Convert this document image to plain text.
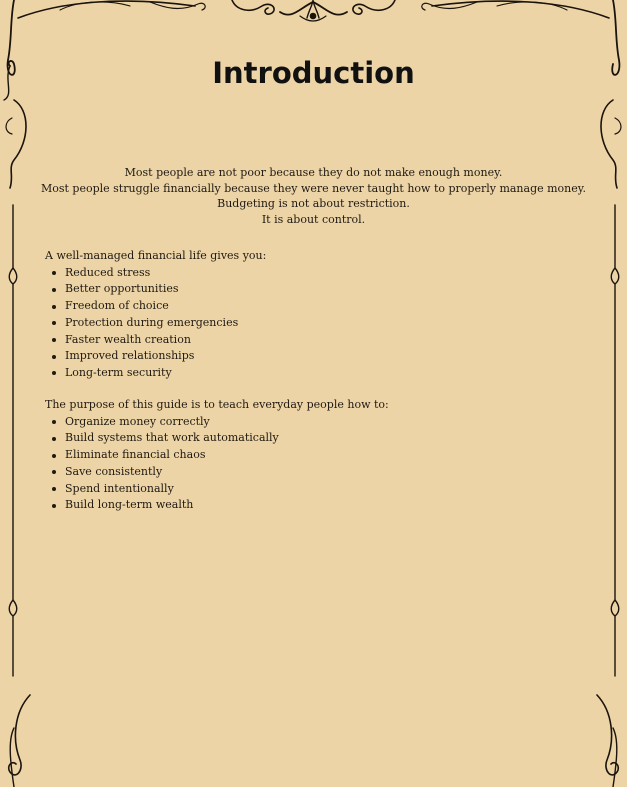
Introduction
Most people are not poor because they do not make enough money.
Most people struggle financially because they were never taught how to properly manage money.
Budgeting is not about restriction.
It is about control.

A well-managed financial life gives you:

Reduced stress
Better opportunities
Freedom of choice
Protection during emergencies
Faster wealth creation
Improved relationships
Long-term security

The purpose of this guide is to teach everyday people how to:

Organize money correctly
Build systems that work automatically
Eliminate financial chaos
Save consistently
Spend intentionally
Build long-term wealth
